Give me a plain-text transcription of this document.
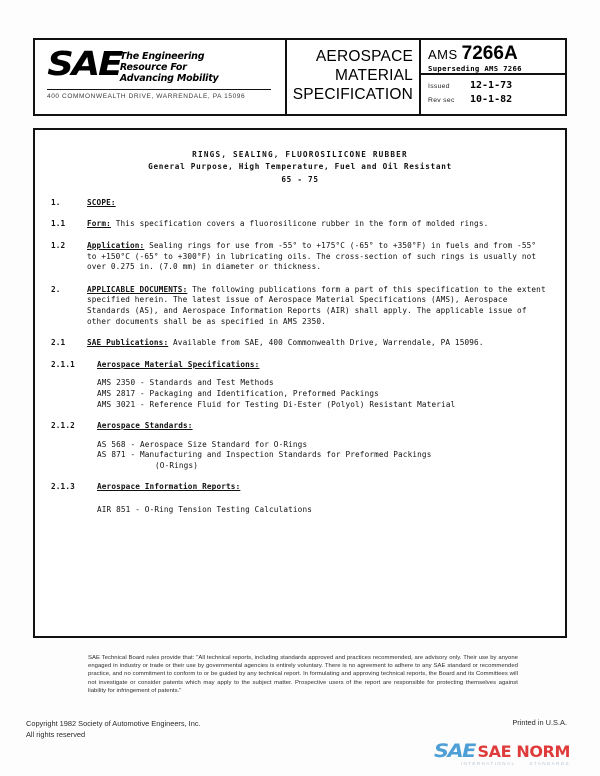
SAE
The Engineering
Resource For
Advancing Mobility
400 COMMONWEALTH DRIVE, WARRENDALE, PA 15096
AEROSPACE
MATERIAL
SPECIFICATION
AMS 7266A
Superseding AMS 7266
Issued	12-1-73
Rev sec	10-1-82
RINGS, SEALING, FLUOROSILICONE RUBBER
General Purpose, High Temperature, Fuel and Oil Resistant
65 - 75
1.	SCOPE:
1.1	Form: This specification covers a fluorosilicone rubber in the form of molded rings.
1.2	Application: Sealing rings for use from -55° to +175°C (-65° to +350°F) in fuels and from -55° to +150°C (-65° to +300°F) in lubricating oils. The cross-section of such rings is usually not over 0.275 in. (7.0 mm) in diameter or thickness.
2.	APPLICABLE DOCUMENTS: The following publications form a part of this specification to the extent specified herein. The latest issue of Aerospace Material Specifications (AMS), Aerospace Standards (AS), and Aerospace Information Reports (AIR) shall apply. The applicable issue of other documents shall be as specified in AMS 2350.
2.1	SAE Publications: Available from SAE, 400 Commonwealth Drive, Warrendale, PA 15096.
2.1.1	Aerospace Material Specifications:
AMS 2350 - Standards and Test Methods
AMS 2817 - Packaging and Identification, Preformed Packings
AMS 3021 - Reference Fluid for Testing Di-Ester (Polyol) Resistant Material
2.1.2	Aerospace Standards:
AS 568 - Aerospace Size Standard for O-Rings
AS 871 - Manufacturing and Inspection Standards for Preformed Packings
(O-Rings)
2.1.3	Aerospace Information Reports:
AIR 851 - O-Ring Tension Testing Calculations
SAE Technical Board rules provide that: "All technical reports, including standards approved and practices recommended, are advisory only. Their use by anyone engaged in industry or trade or their use by governmental agencies is entirely voluntary. There is no agreement to adhere to any SAE standard or recommended practice, and no commitment to conform to or be guided by any technical report. In formulating and approving technical reports, the Board and its Committees will not investigate or consider patents which may apply to the subject matter. Prospective users of the report are responsible for protecting themselves against liability for infringement of patents."
Copyright 1982 Society of Automotive Engineers, Inc.
All rights reserved
Printed in U.S.A.
SAE SAE NORM
INTERNATIONAL	STANDARDS
